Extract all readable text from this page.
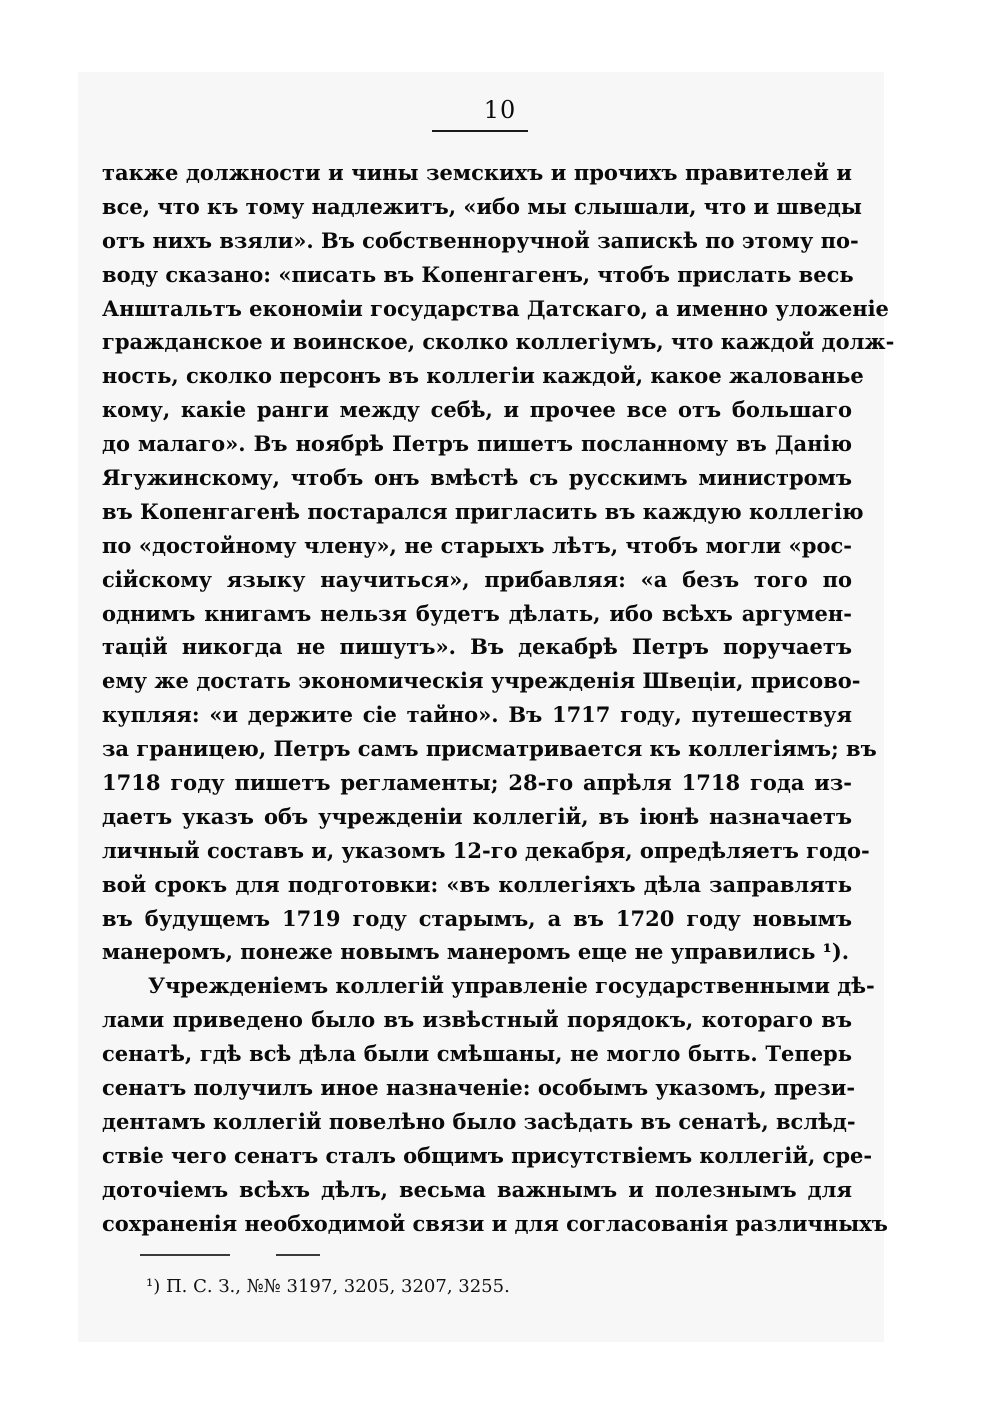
10
также должности и чины земскихъ и прочихъ правителей и
все, что къ тому надлежитъ, «ибо мы слышали, что и шведы
отъ нихъ взяли». Въ собственноручной запискѣ по этому по-
воду сказано: «писать въ Копенгагенъ, чтобъ прислать весь
Анштальтъ економіи государства Датскаго, а именно уложеніе
гражданское и воинское, сколко коллегіумъ, что каждой долж-
ность, сколко персонъ въ коллегіи каждой, какое жалованье
кому, какіе ранги между себѣ, и прочее все отъ большаго
до малаго». Въ ноябрѣ Петръ пишетъ посланному въ Данію
Ягужинскому, чтобъ онъ вмѣстѣ съ русскимъ министромъ
въ Копенгагенѣ постарался пригласить въ каждую коллегію
по «достойному члену», не старыхъ лѣтъ, чтобъ могли «рос-
сійскому языку научиться», прибавляя: «а безъ того по
однимъ книгамъ нельзя будетъ дѣлать, ибо всѣхъ аргумен-
тацій никогда не пишутъ». Въ декабрѣ Петръ поручаетъ
ему же достать экономическія учрежденія Швеціи, присово-
купляя: «и держите сіе тайно». Въ 1717 году, путешествуя
за границею, Петръ самъ присматривается къ коллегіямъ; въ
1718 году пишетъ регламенты; 28-го апрѣля 1718 года из-
даетъ указъ объ учрежденіи коллегій, въ іюнѣ назначаетъ
личный составъ и, указомъ 12-го декабря, опредѣляетъ годо-
вой срокъ для подготовки: «въ коллегіяхъ дѣла заправлять
въ будущемъ 1719 году старымъ, а въ 1720 году новымъ
манеромъ, понеже новымъ манеромъ еще не управились ¹).
Учрежденіемъ коллегій управленіе государственными дѣ-
лами приведено было въ извѣстный порядокъ, котораго въ
сенатѣ, гдѣ всѣ дѣла были смѣшаны, не могло быть. Теперь
сенатъ получилъ иное назначеніе: особымъ указомъ, прези-
дентамъ коллегій повелѣно было засѣдать въ сенатѣ, вслѣд-
ствіе чего сенатъ сталъ общимъ присутствіемъ коллегій, сре-
доточіемъ всѣхъ дѣлъ, весьма важнымъ и полезнымъ для
сохраненія необходимой связи и для согласованія различныхъ
¹) П. С. З., №№ 3197, 3205, 3207, 3255.
